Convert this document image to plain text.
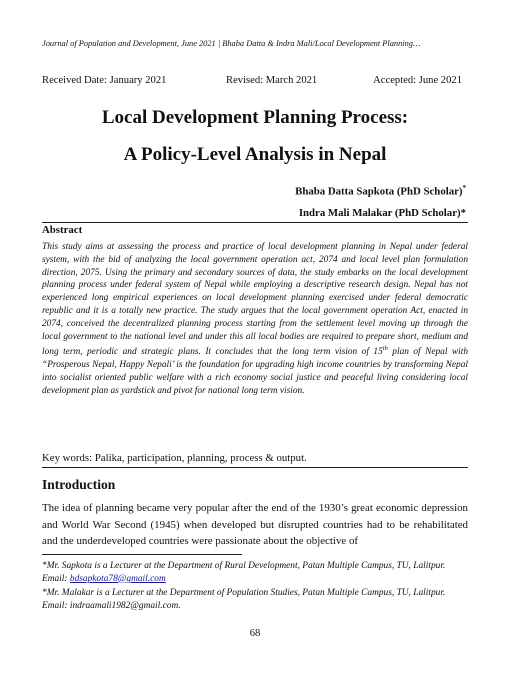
Journal of Population and Development, June 2021 | Bhaba Datta & Indra Mali/Local Development Planning…
Received Date: January 2021	Revised: March 2021	Accepted: June 2021
Local Development Planning Process:
A Policy-Level Analysis in Nepal
Bhaba Datta Sapkota (PhD Scholar)*
Indra Mali Malakar (PhD Scholar)*
Abstract
This study aims at assessing the process and practice of local development planning in Nepal under federal system, with the bid of analyzing the local government operation act, 2074 and local level plan formulation direction, 2075. Using the primary and secondary sources of data, the study embarks on the local development planning process under federal system of Nepal while employing a descriptive research design. Nepal has not experienced long empirical experiences on local development planning exercised under federal democratic republic and it is a totally new practice. The study argues that the local government operation Act, enacted in 2074, conceived the decentralized planning process starting from the settlement level moving up through the local government to the national level and under this all local bodies are required to prepare short, medium and long term, periodic and strategic plans. It concludes that the long term vision of 15th plan of Nepal with “Prosperous Nepal, Happy Nepali’ is the foundation for upgrading high income countries by transforming Nepal into socialist oriented public welfare with a rich economy social justice and peaceful living considering local development plan as yardstick and pivot for national long term vision.
Key words: Palika, participation, planning, process & output.
Introduction
The idea of planning became very popular after the end of the 1930’s great economic depression and World War Second (1945) when developed but disrupted countries had to be rehabilitated and the underdeveloped countries were passionate about the objective of
*Mr. Sapkota is a Lecturer at the Department of Rural Development, Patan Multiple Campus, TU, Lalitpur. Email: bdsapkota78@gmail.com
*Mr. Malakar is a Lecturer at the Department of Population Studies, Patan Multiple Campus, TU, Lalitpur. Email: indraamali1982@gmail.com.
68
